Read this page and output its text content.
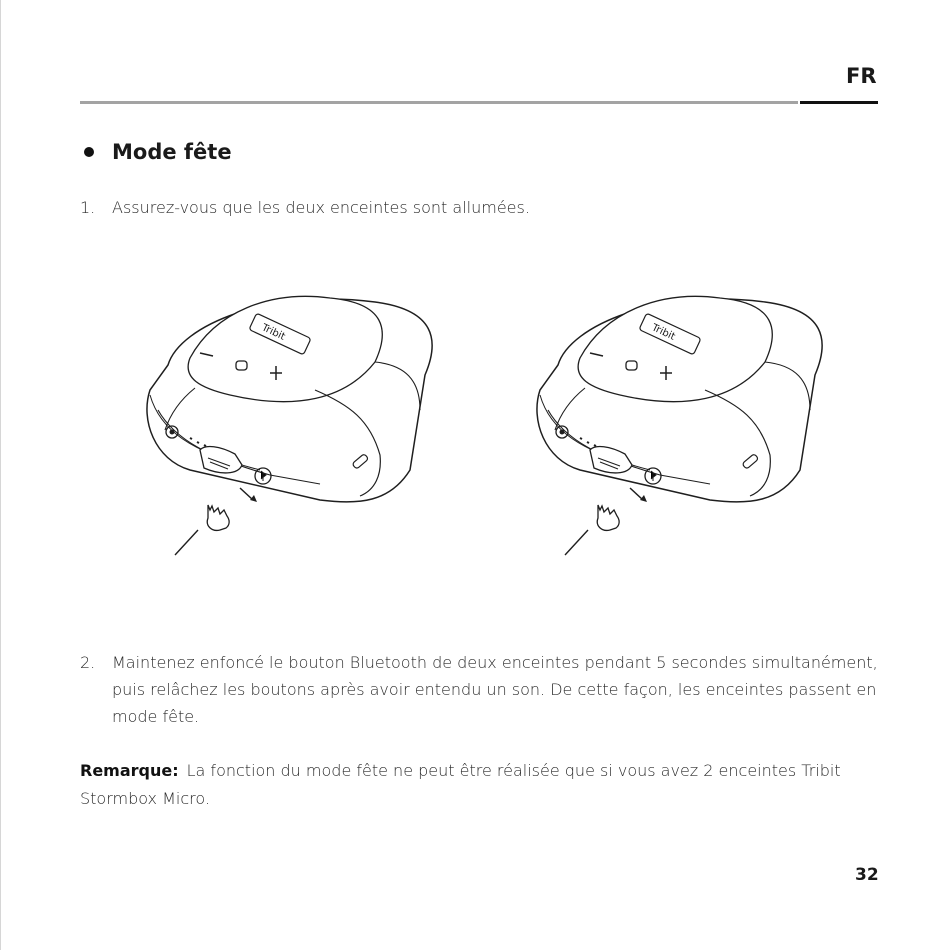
FR
Mode fête
1.	Assurez-vous que les deux enceintes sont allumées.
2.	Maintenez enfoncé le bouton Bluetooth de deux enceintes pendant 5 secondes simultanément, puis relâchez les boutons après avoir entendu un son. De cette façon, les enceintes passent en mode fête.
Remarque: La fonction du mode fête ne peut être réalisée que si vous avez 2 enceintes Tribit Stormbox Micro.
32
